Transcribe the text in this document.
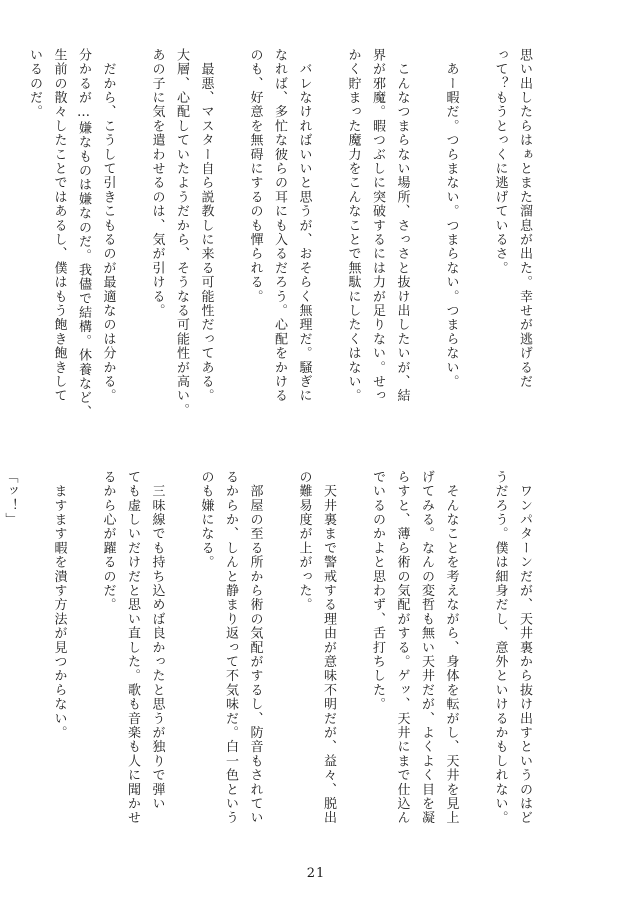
思い出したらはぁとまた溜息が出た。幸せが逃げるだ
って？もうとっくに逃げているさ。
　あー暇だ。つらまない。つまらない。つまらない。
　こんなつまらない場所、さっさと抜け出したいが、結
界が邪魔。暇つぶしに突破するには力が足りない。せっ
かく貯まった魔力をこんなことで無駄にしたくはない。
　バレなければいいと思うが、おそらく無理だ。騒ぎに
なれば、多忙な彼らの耳にも入るだろう。心配をかける
のも、好意を無碍にするのも憚られる。
　最悪、マスター自ら説教しに来る可能性だってある。
大層、心配していたようだから、そうなる可能性が高い。
あの子に気を遣わせるのは、気が引ける。
　だから、こうして引きこもるのが最適なのは分かる。
分かるが…嫌なものは嫌なのだ。我儘で結構。休養など、
生前の散々したことではあるし、僕はもう飽き飽きして
いるのだ。
　ワンパターンだが、天井裏から抜け出すというのはど
うだろう。僕は細身だし、意外といけるかもしれない。
　そんなことを考えながら、身体を転がし、天井を見上
げてみる。なんの変哲も無い天井だが、よくよく目を凝
らすと、薄ら術の気配がする。ゲッ、天井にまで仕込ん
でいるのかよと思わず、舌打ちした。
　天井裏まで警戒する理由が意味不明だが、益々、脱出
の難易度が上がった。
　部屋の至る所から術の気配がするし、防音もされてい
るからか、しんと静まり返って不気味だ。白一色という
のも嫌になる。
　三味線でも持ち込めば良かったと思うが独りで弾い
ても虚しいだけだと思い直した。歌も音楽も人に聞かせ
るから心が躍るのだ。
　ますます暇を潰す方法が見つからない。
「ッ！」
21
